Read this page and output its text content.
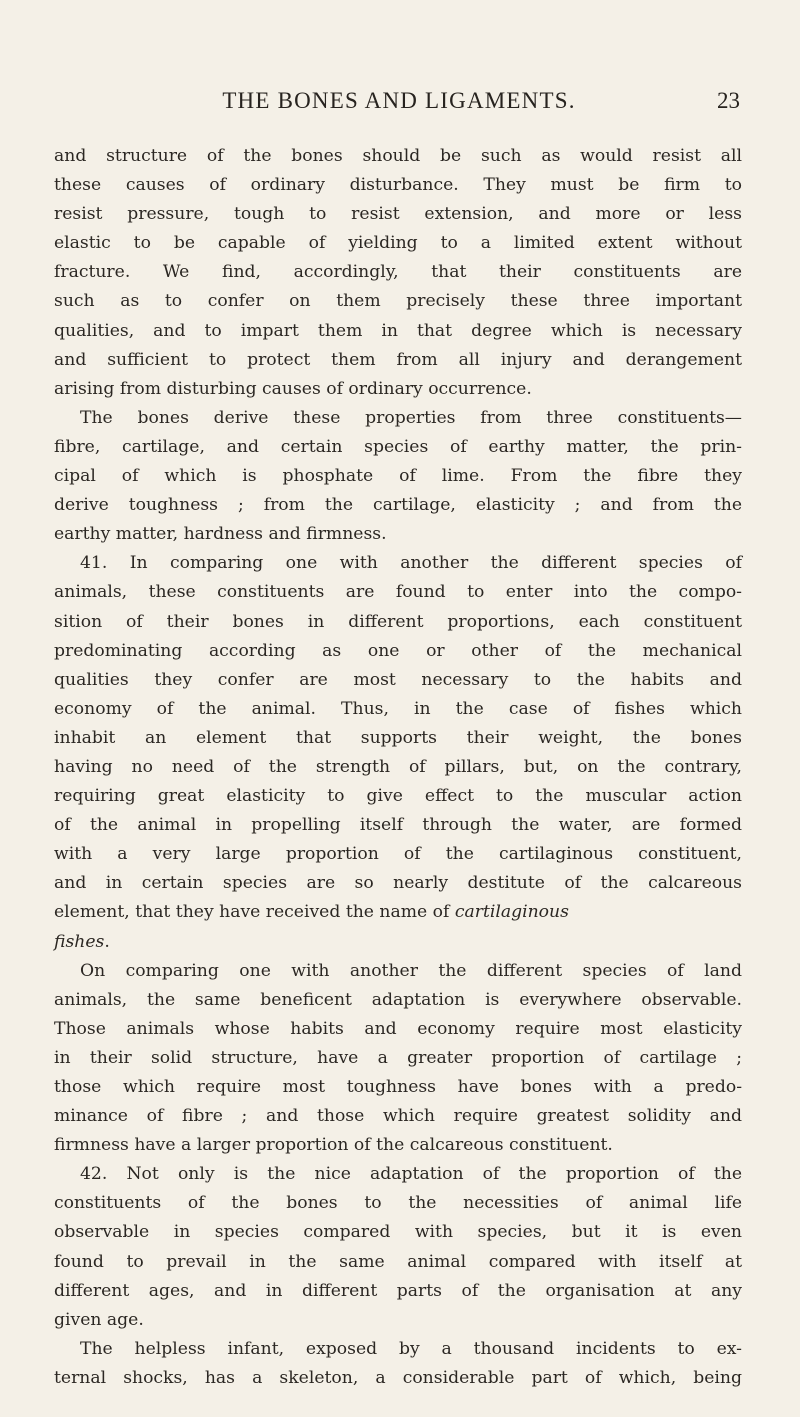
THE BONES AND LIGAMENTS.	23
and structure of the bones should be such as would resist all
these causes of ordinary disturbance. They must be firm to
resist pressure, tough to resist extension, and more or less
elastic to be capable of yielding to a limited extent without
fracture. We find, accordingly, that their constituents are
such as to confer on them precisely these three important
qualities, and to impart them in that degree which is necessary
and sufficient to protect them from all injury and derangement
arising from disturbing causes of ordinary occurrence.
The bones derive these properties from three constituents—
fibre, cartilage, and certain species of earthy matter, the prin-
cipal of which is phosphate of lime. From the fibre they
derive toughness ; from the cartilage, elasticity ; and from the
earthy matter, hardness and firmness.
41. In comparing one with another the different species of
animals, these constituents are found to enter into the compo-
sition of their bones in different proportions, each constituent
predominating according as one or other of the mechanical
qualities they confer are most necessary to the habits and
economy of the animal. Thus, in the case of fishes which
inhabit an element that supports their weight, the bones
having no need of the strength of pillars, but, on the contrary,
requiring great elasticity to give effect to the muscular action
of the animal in propelling itself through the water, are formed
with a very large proportion of the cartilaginous constituent,
and in certain species are so nearly destitute of the calcareous
element, that they have received the name of cartilaginous
fishes.
On comparing one with another the different species of land
animals, the same beneficent adaptation is everywhere observable.
Those animals whose habits and economy require most elasticity
in their solid structure, have a greater proportion of cartilage ;
those which require most toughness have bones with a predo-
minance of fibre ; and those which require greatest solidity and
firmness have a larger proportion of the calcareous constituent.
42. Not only is the nice adaptation of the proportion of the
constituents of the bones to the necessities of animal life
observable in species compared with species, but it is even
found to prevail in the same animal compared with itself at
different ages, and in different parts of the organisation at any
given age.
The helpless infant, exposed by a thousand incidents to ex-
ternal shocks, has a skeleton, a considerable part of which, being
